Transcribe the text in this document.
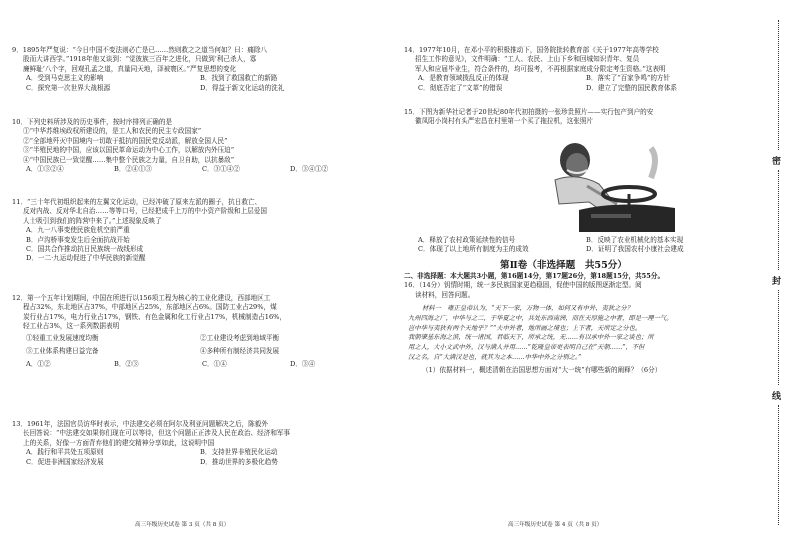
9．1895年严复说：“今日中国不变法则必亡是已……然则救之之道当何如？曰：痛除八

股而大讲西学。”1918年他又谈到：“觉彼族三百年之进化，只做到‘利己杀人，寡

廉鲜耻’八个字，回观孔孟之道，真量同天地，泽被寰区。”严复思想的变化

A．受到马克思主义的影响	B．找到了救国救亡的新路

C．探究第一次世界大战根源	D．得益于新文化运动的洗礼

10．下列史料所涉及的历史事件，按时序排列正确的是

①“中华苏维埃政权所建设的，是工人和农民的民主专政国家”

②“全部地歼灭中国境内一切敢于抵抗的国民党反动派，解放全国人民”

③“半殖民地的中国，应该以国民革命运动为中心工作，以解放内外压迫”

④“中国民族已一致觉醒……集中整个民族之力量，自卫自助，以抗暴敌”

A．①③②④	B．②④①③	C．③①④②	D．③④①②

11．“三十年代初组织起来的左翼文化运动，已经冲破了原来左派的圈子，抗日救亡、

反对内战、反对华北自治……等等口号，已经把成千上万的中小资产阶级和上层爱国

人士吸引到我们的阵营中来了。”上述现象反映了

A．九一八事变使民族危机空前严重

B．卢沟桥事变发生后全面抗战开始

C．国共合作推动抗日民族统一战线形成

D．一二·九运动促进了中华民族的新觉醒

12．第一个五年计划期间，中国在所进行以156项工程为核心的工业化建设，西部地区工

程占32%，东北地区占37%，中部地区占25%，东部地区占6%。国防工业占29%，煤

炭行业占17%，电力行业占17%，钢铁、有色金属和化工行业占17%，机械制造占16%，

轻工业占3%，这一系列数据表明

①轻重工业发展速度均衡	②工业建设考虑到地域平衡

③工业体系构建日益完备	④多种所有制经济共同发展

A．①②	B．②③	C．①④	D．③④

13．1961年，法国官员访华时表示，中法建交必须在阿尔及利亚问题解决之后，陈毅外

长回答说：“中法建交如果你们现在可以等待，但这个问题正正涉及人民在政治、经济和军事

上的关系，好像一方面背弃他们的建交精神分享如此，这说明中国

A．践行和平共处五项原则	B．支持世界非殖民化运动

C．促进非洲国家经济发展	D．推动世界的多极化趋势

高三年级历史试卷 第 3 页（共 8 页）

14．1977年10月，在邓小平的积极推动下，国务院批转教育部《关于1977年高等学校

招生工作的意见》，文件明确：“工人、农民、上山下乡和回城知识青年、复员

军人和应届毕业生，符合条件的，均可报考，不再根据家庭成分限定考生资格。”这表明

A．是教育领域拨乱反正的体现	B．落实了“百家争鸣”的方针

C．彻底否定了“文革”的错误	D．建立了完整的国民教育体系

15．下图为新华社记者于20世纪80年代初拍摄的一张珍贵照片——实行包产到户的安

徽凤阳小岗村有头严宏昌在村里第一个买了拖拉机，这张照片

A．释放了农村政策延续性的信号	B．反映了农业机械化的基本实现

C．体现了以上地所有制度为主的成效	D．证明了我国农村小康社会建成

第Ⅱ卷（非选择题　共55分）

二、非选择题：本大题共3小题，第16题14分，第17题26分，第18题15分，共55分。

16．（14分）钥情时期，统一多民族国家更趋稳固，促使中国的版图逐渐定型。阅

读材料，回答问题。

材料一　雍正皇帝认为，“天下一家，万物一体，如何又有中外、夷狄之分？

九州四海之广，中华与之二，于华夏之中，共处东西南洲，而在天厚施之中者，即是一理一气。

岂中华与夷狄有两个天地乎？”“夫中外者，地所画之境也；上下者，天所定之分也。

我朝肇基东海之滨，统一诸国，君临天下，所承之统，无……有以承中外一家之谈也；所

用之人，大小文武中外，汉与满人并用……”乾隆皇帝更表明自己在“天朝……”，不但

汉之名，自“大满汉是也，就其为之本……中华中外之分别之。”

（1）依据材料一，概述清朝在治国思想方面对“大一统”有哪些新的阐释？（6分）

高三年级历史试卷 第 4 页（共 8 页）
密
封
线
